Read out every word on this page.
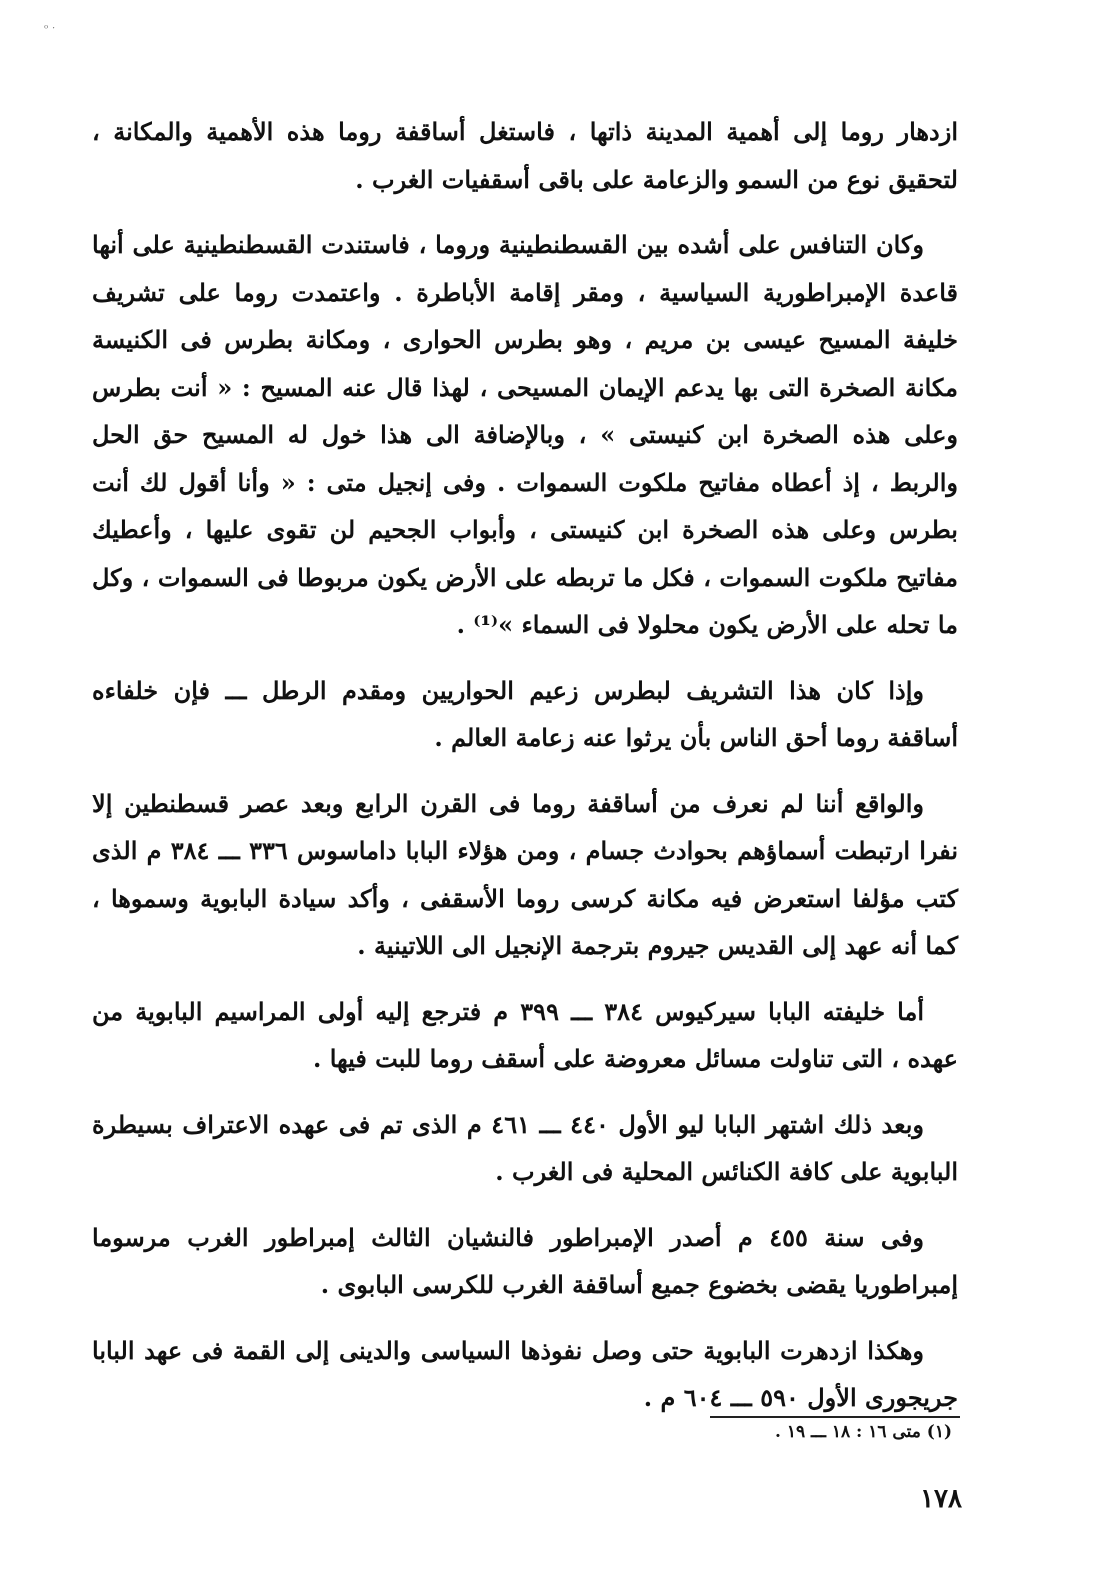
ᵒ ˑ

ازدهار روما إلى أهمية المدينة ذاتها ، فاستغل أساقفة روما هذه الأهمية والمكانة ، لتحقيق نوع من السمو والزعامة على باقى أسقفيات الغرب .

وكان التنافس على أشده بين القسطنطينية وروما ، فاستندت القسطنطينية على أنها قاعدة الإمبراطورية السياسية ، ومقر إقامة الأباطرة . واعتمدت روما على تشريف خليفة المسيح عيسى بن مريم ، وهو بطرس الحوارى ، ومكانة بطرس فى الكنيسة مكانة الصخرة التى بها يدعم الإيمان المسيحى ، لهذا قال عنه المسيح : « أنت بطرس وعلى هذه الصخرة ابن كنيستى » ، وبالإضافة الى هذا خول له المسيح حق الحل والربط ، إذ أعطاه مفاتيح ملكوت السموات . وفى إنجيل متى : « وأنا أقول لك أنت بطرس وعلى هذه الصخرة ابن كنيستى ، وأبواب الجحيم لن تقوى عليها ، وأعطيك مفاتيح ملكوت السموات ، فكل ما تربطه على الأرض يكون مربوطا فى السموات ، وكل ما تحله على الأرض يكون محلولا فى السماء »⁽¹⁾ .

وإذا كان هذا التشريف لبطرس زعيم الحواريين ومقدم الرطل ـــ فإن خلفاءه أساقفة روما أحق الناس بأن يرثوا عنه زعامة العالم .

والواقع أننا لم نعرف من أساقفة روما فى القرن الرابع وبعد عصر قسطنطين إلا نفرا ارتبطت أسماؤهم بحوادث جسام ، ومن هؤلاء البابا داماسوس ٣٣٦ ـــ ٣٨٤ م الذى كتب مؤلفا استعرض فيه مكانة كرسى روما الأسقفى ، وأكد سيادة البابوية وسموها ، كما أنه عهد إلى القديس جيروم بترجمة الإنجيل الى اللاتينية .

أما خليفته البابا سيركيوس ٣٨٤ ـــ ٣٩٩ م فترجع إليه أولى المراسيم البابوية من عهده ، التى تناولت مسائل معروضة على أسقف روما للبت فيها .

وبعد ذلك اشتهر البابا ليو الأول ٤٤٠ ـــ ٤٦١ م الذى تم فى عهده الاعتراف بسيطرة البابوية على كافة الكنائس المحلية فى الغرب .

وفى سنة ٤٥٥ م أصدر الإمبراطور فالنشيان الثالث إمبراطور الغرب مرسوما إمبراطوريا يقضى بخضوع جميع أساقفة الغرب للكرسى البابوى .

وهكذا ازدهرت البابوية حتى وصل نفوذها السياسى والدينى إلى القمة فى عهد البابا جريجورى الأول ٥٩٠ ـــ ٦٠٤ م .

(١) متى ١٦ : ١٨ ـــ ١٩ .
١٧٨
